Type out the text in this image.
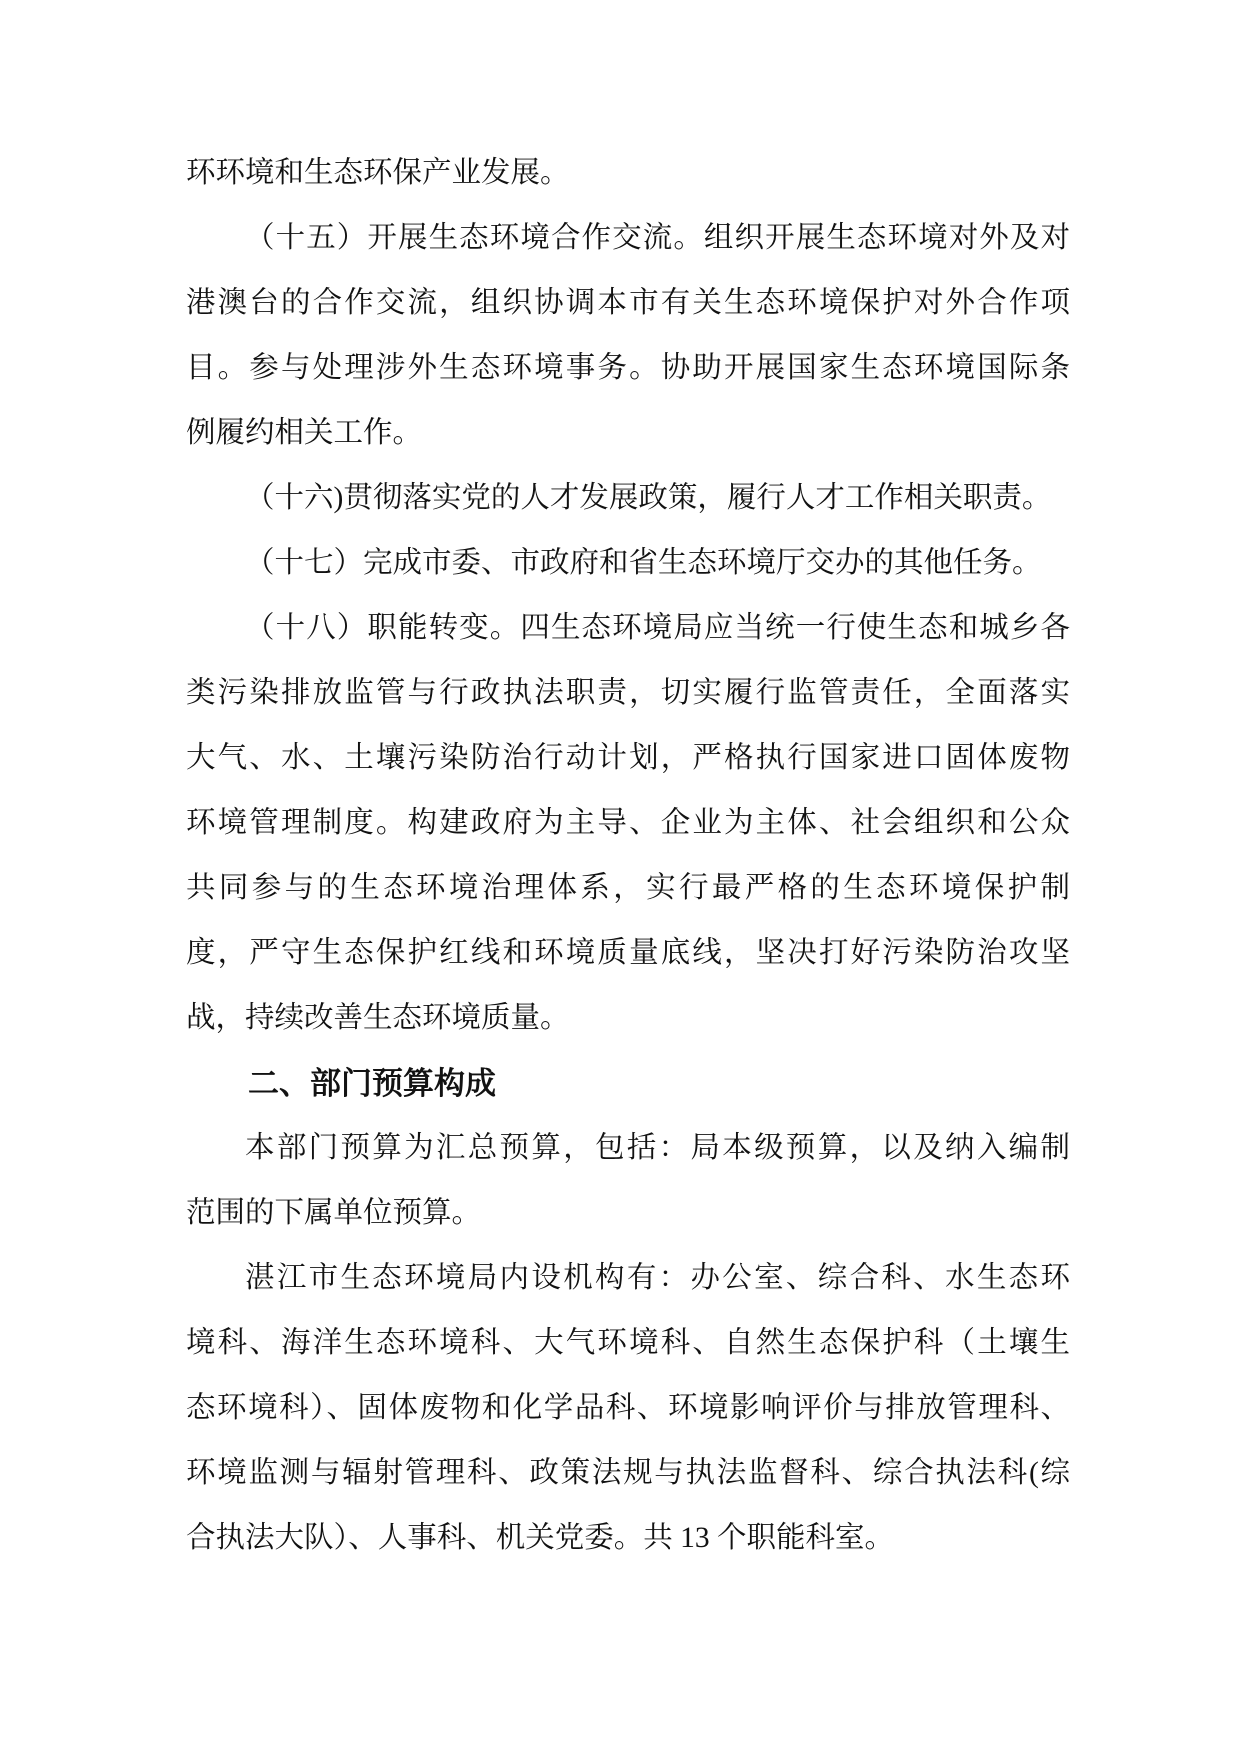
环环境和生态环保产业发展。

（十五）开展生态环境合作交流。组织开展生态环境对外及对
港澳台的合作交流，组织协调本市有关生态环境保护对外合作项
目。参与处理涉外生态环境事务。协助开展国家生态环境国际条
例履约相关工作。

（十六)贯彻落实党的人才发展政策，履行人才工作相关职责。

（十七）完成市委、市政府和省生态环境厅交办的其他任务。

（十八）职能转变。四生态环境局应当统一行使生态和城乡各
类污染排放监管与行政执法职责，切实履行监管责任，全面落实
大气、水、土壤污染防治行动计划，严格执行国家进口固体废物
环境管理制度。构建政府为主导、企业为主体、社会组织和公众
共同参与的生态环境治理体系，实行最严格的生态环境保护制
度，严守生态保护红线和环境质量底线，坚决打好污染防治攻坚
战，持续改善生态环境质量。

二、部门预算构成

本部门预算为汇总预算，包括：局本级预算，以及纳入编制
范围的下属单位预算。

湛江市生态环境局内设机构有：办公室、综合科、水生态环
境科、海洋生态环境科、大气环境科、自然生态保护科（土壤生
态环境科）、固体废物和化学品科、环境影响评价与排放管理科、
环境监测与辐射管理科、政策法规与执法监督科、综合执法科(综
合执法大队）、人事科、机关党委。共 13 个职能科室。
